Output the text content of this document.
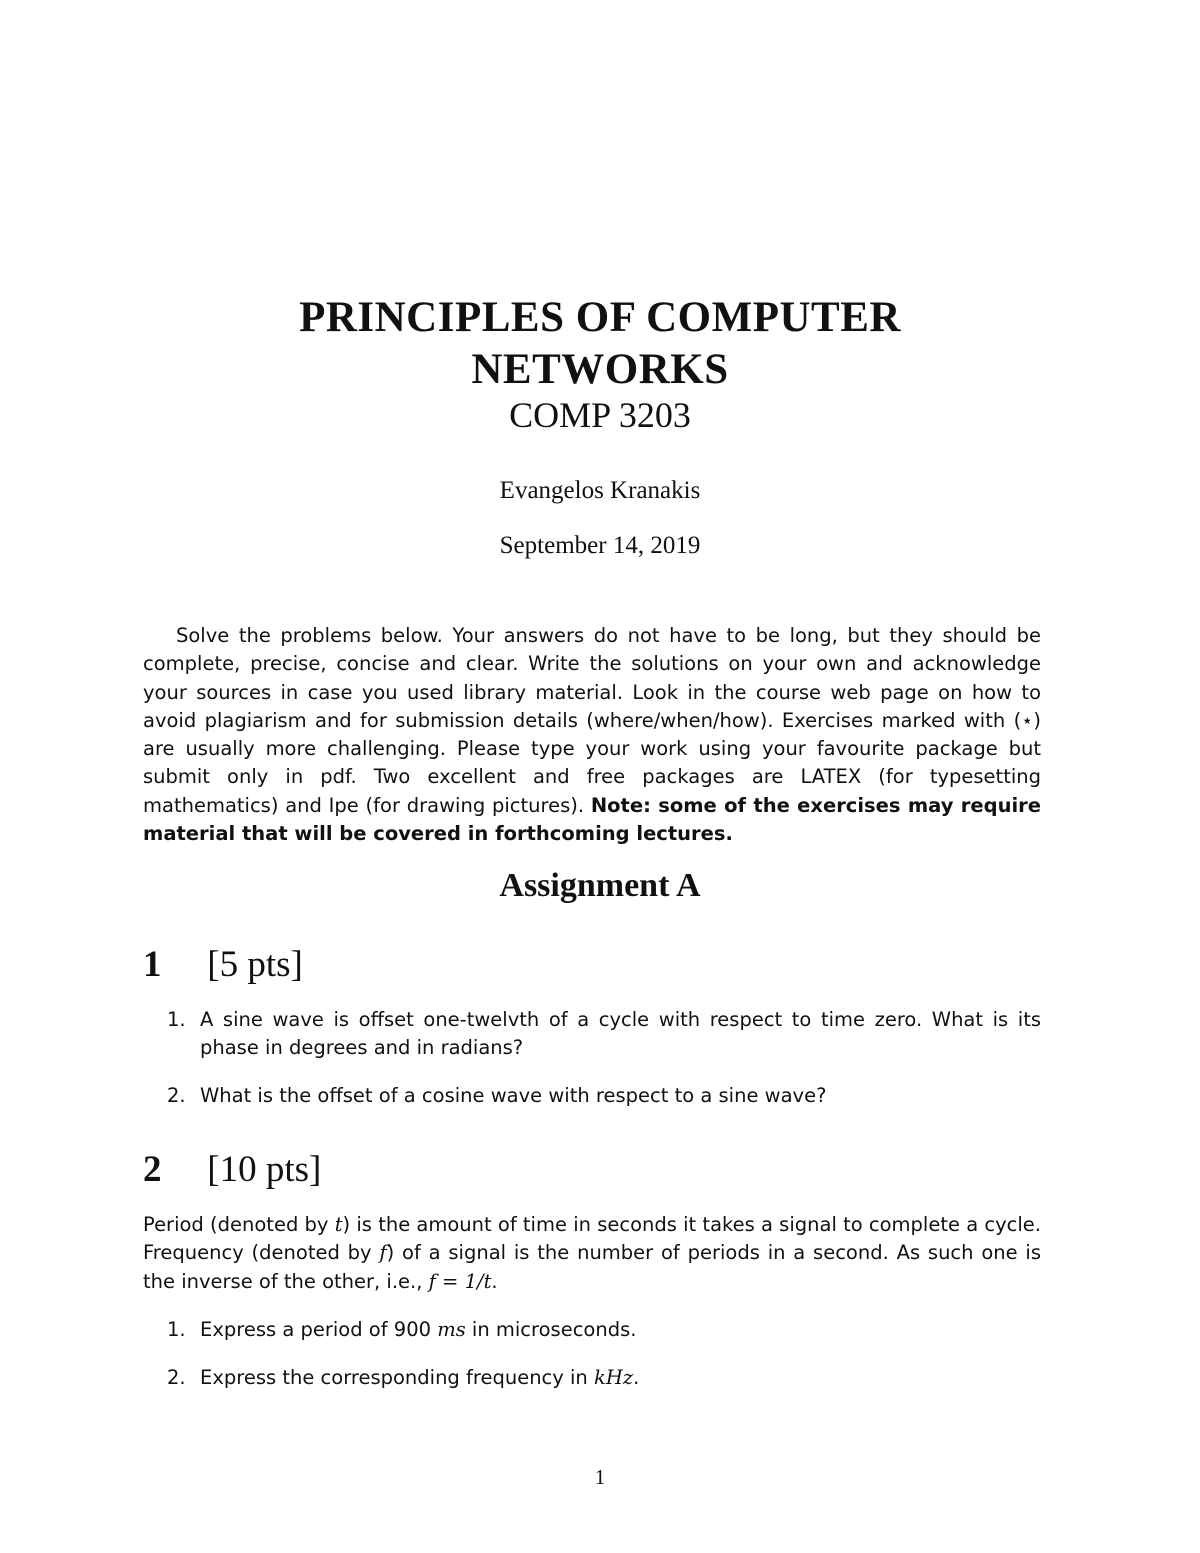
PRINCIPLES OF COMPUTER
NETWORKS
COMP 3203
Evangelos Kranakis
September 14, 2019

Solve the problems below. Your answers do not have to be long, but they should be complete, precise, concise and clear. Write the solutions on your own and acknowledge your sources in case you used library material. Look in the course web page on how to avoid plagiarism and for submission details (where/when/how). Exercises marked with (⋆) are usually more challenging. Please type your work using your favourite package but submit only in pdf. Two excellent and free packages are LATEX (for typesetting mathematics) and Ipe (for drawing pictures). Note: some of the exercises may require material that will be covered in forthcoming lectures.

Assignment A
1 [5 pts]
1. A sine wave is offset one-twelvth of a cycle with respect to time zero. What is its phase in degrees and in radians?
2. What is the offset of a cosine wave with respect to a sine wave?
2 [10 pts]

Period (denoted by t) is the amount of time in seconds it takes a signal to complete a cycle. Frequency (denoted by f) of a signal is the number of periods in a second. As such one is the inverse of the other, i.e., f = 1/t.

1. Express a period of 900 ms in microseconds.
2. Express the corresponding frequency in kHz.
1
